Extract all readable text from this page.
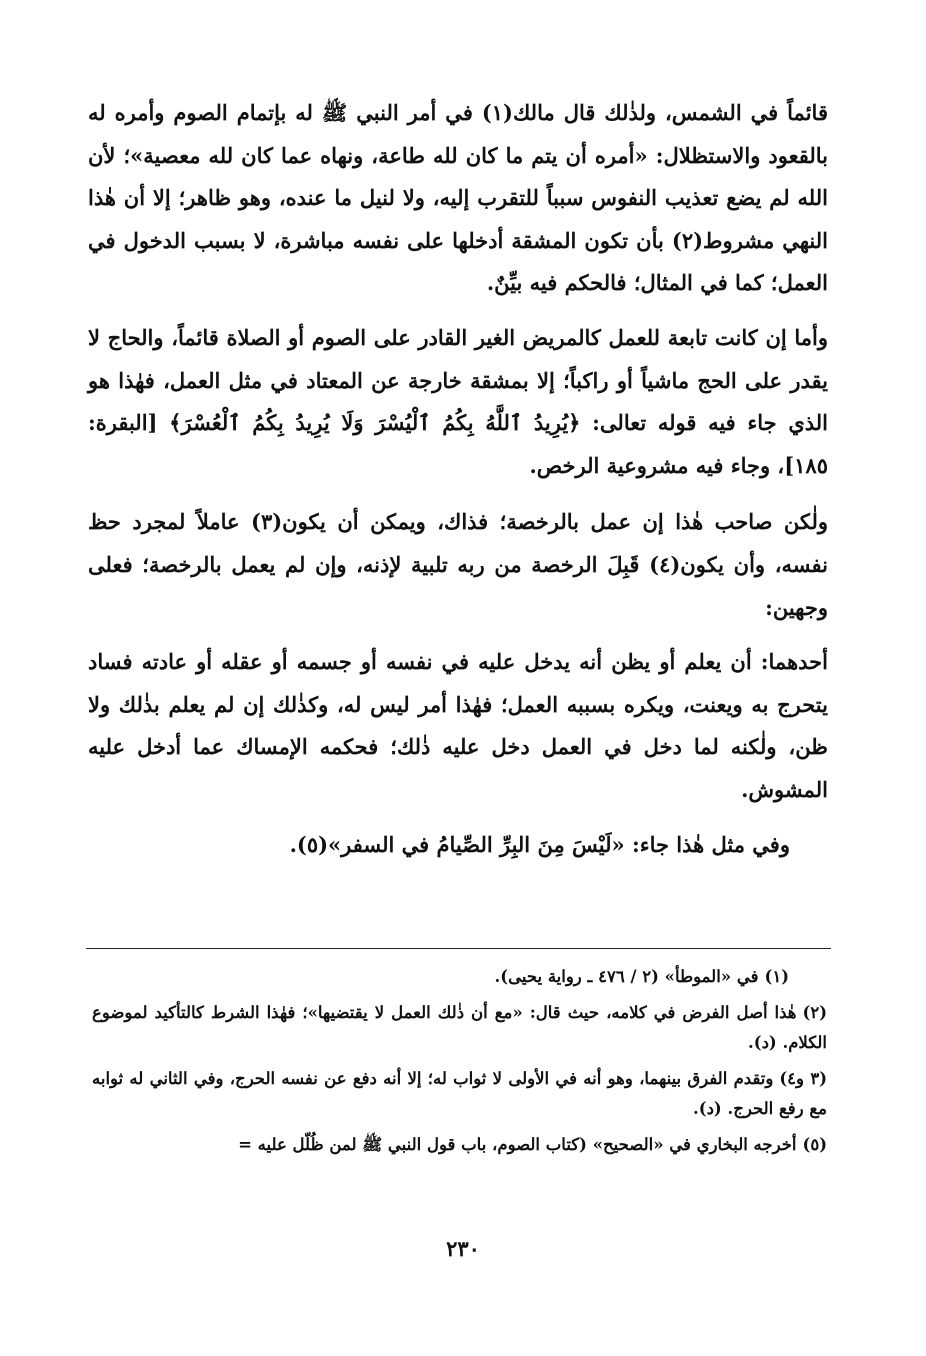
قائماً في الشمس، ولذٰلك قال مالك(١) في أمر النبي ﷺ له بإتمام الصوم وأمره له بالقعود والاستظلال: «أمره أن يتم ما كان لله طاعة، ونهاه عما كان لله معصية»؛ لأن الله لم يضع تعذيب النفوس سبباً للتقرب إليه، ولا لنيل ما عنده، وهو ظاهر؛ إلا أن هٰذا النهي مشروط(٢) بأن تكون المشقة أدخلها على نفسه مباشرة، لا بسبب الدخول في العمل؛ كما في المثال؛ فالحكم فيه بيِّنٌ.

وأما إن كانت تابعة للعمل كالمريض الغير القادر على الصوم أو الصلاة قائماً، والحاج لا يقدر على الحج ماشياً أو راكباً؛ إلا بمشقة خارجة عن المعتاد في مثل العمل، فهٰذا هو الذي جاء فيه قوله تعالى: ﴿يُرِيدُ ٱللَّهُ بِكُمُ ٱلْيُسْرَ وَلَا يُرِيدُ بِكُمُ ٱلْعُسْرَ﴾ [البقرة: ١٨٥]، وجاء فيه مشروعية الرخص.

ولٰكن صاحب هٰذا إن عمل بالرخصة؛ فذاك، ويمكن أن يكون(٣) عاملاً لمجرد حظ نفسه، وأن يكون(٤) قَبِلَ الرخصة من ربه تلبية لإذنه، وإن لم يعمل بالرخصة؛ فعلى وجهين:

أحدهما: أن يعلم أو يظن أنه يدخل عليه في نفسه أو جسمه أو عقله أو عادته فساد يتحرج به ويعنت، ويكره بسببه العمل؛ فهٰذا أمر ليس له، وكذٰلك إن لم يعلم بذٰلك ولا ظن، ولٰكنه لما دخل في العمل دخل عليه ذٰلك؛ فحكمه الإمساك عما أدخل عليه المشوش.

وفي مثل هٰذا جاء: «لَيْسَ مِنَ البِرِّ الصِّيامُ في السفر»(٥).

(١)في «الموطأ» (٢ / ٤٧٦ ـ رواية يحيى).

(٢)هٰذا أصل الفرض في كلامه، حيث قال: «مع أن ذٰلك العمل لا يقتضيها»؛ فهٰذا الشرط كالتأكيد لموضوع الكلام. (د).

(٣ و٤)وتقدم الفرق بينهما، وهو أنه في الأولى لا ثواب له؛ إلا أنه دفع عن نفسه الحرج، وفي الثاني له ثوابه مع رفع الحرج. (د).

(٥)أخرجه البخاري في «الصحيح» (كتاب الصوم، باب قول النبي ﷺ لمن ظُلّل عليه =

٢٣٠
